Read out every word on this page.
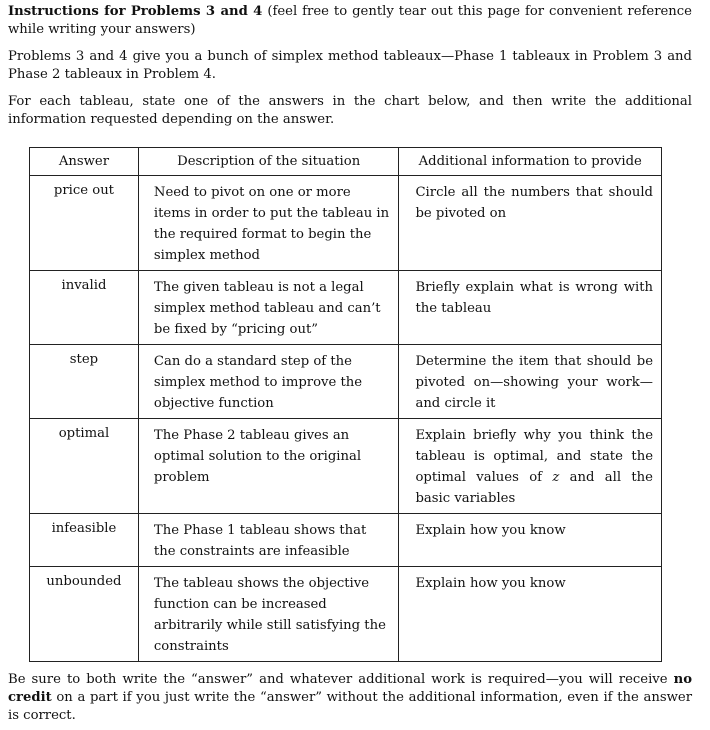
Instructions for Problems 3 and 4 (feel free to gently tear out this page for convenient reference while writing your answers)

Problems 3 and 4 give you a bunch of simplex method tableaux—Phase 1 tableaux in Problem 3 and Phase 2 tableaux in Problem 4.

For each tableau, state one of the answers in the chart below, and then write the additional information requested depending on the answer.

Answer	Description of the situation	Additional information to provide
price out	Need to pivot on one or more items in order to put the tableau in the required format to begin the simplex method	Circle all the numbers that should be pivoted on
invalid	The given tableau is not a legal simplex method tableau and can’t be fixed by “pricing out”	Briefly explain what is wrong with the tableau
step	Can do a standard step of the simplex method to improve the objective function	Determine the item that should be pivoted on—showing your work—and circle it
optimal	The Phase 2 tableau gives an optimal solution to the original problem	Explain briefly why you think the tableau is optimal, and state the optimal values of z and all the basic variables
infeasible	The Phase 1 tableau shows that the constraints are infeasible	Explain how you know
unbounded	The tableau shows the objective function can be increased arbitrarily while still satisfying the constraints	Explain how you know

Be sure to both write the “answer” and whatever additional work is required—you will receive no credit on a part if you just write the “answer” without the additional information, even if the answer is correct.
